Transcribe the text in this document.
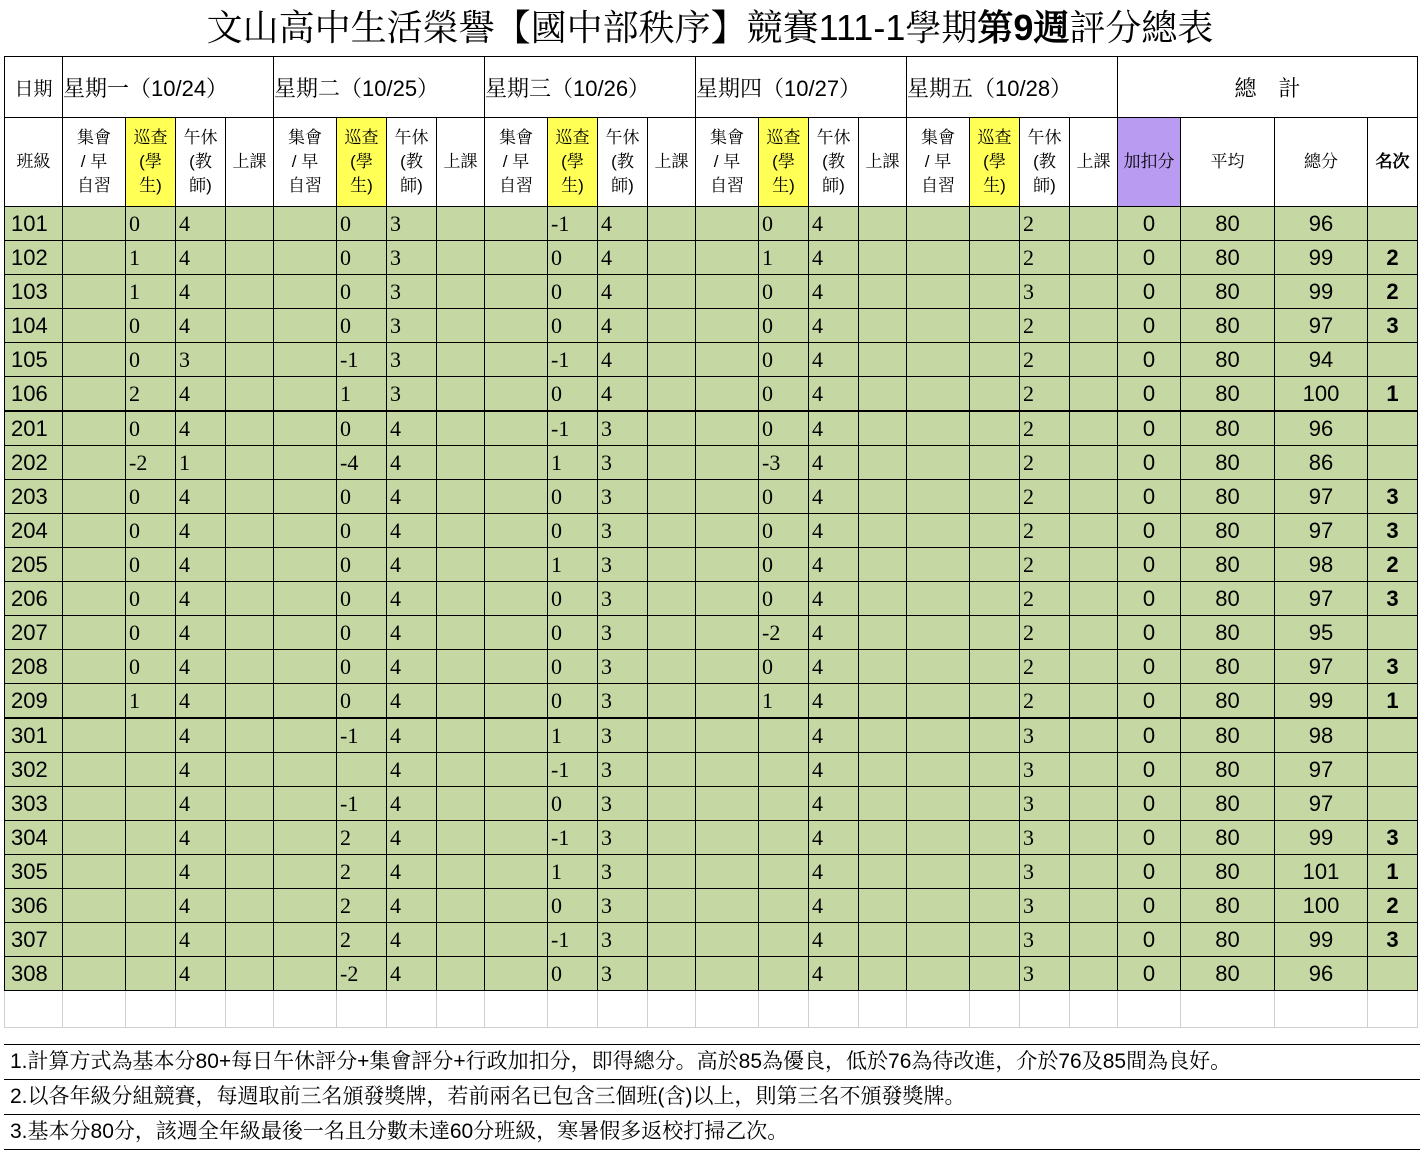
文山高中生活榮譽【國中部秩序】競賽111-1學期第9週評分總表
日期	星期一（10/24）				星期二（10/25）				星期三（10/26）				星期四（10/27）				星期五（10/28）				總　計			
班級	集會
/ 早
自習	巡查
(學
生)	午休
(教
師)	上課	集會
/ 早
自習	巡查
(學
生)	午休
(教
師)	上課	集會
/ 早
自習	巡查
(學
生)	午休
(教
師)	上課	集會
/ 早
自習	巡查
(學
生)	午休
(教
師)	上課	集會
/ 早
自習	巡查
(學
生)	午休
(教
師)	上課	加扣分	平均	總分	名次
101		0	4			0	3			-1	4			0	4				2		0	80	96	
102		1	4			0	3			0	4			1	4				2		0	80	99	2
103		1	4			0	3			0	4			0	4				3		0	80	99	2
104		0	4			0	3			0	4			0	4				2		0	80	97	3
105		0	3			-1	3			-1	4			0	4				2		0	80	94	
106		2	4			1	3			0	4			0	4				2		0	80	100	1
201		0	4			0	4			-1	3			0	4				2		0	80	96	
202		-2	1			-4	4			1	3			-3	4				2		0	80	86	
203		0	4			0	4			0	3			0	4				2		0	80	97	3
204		0	4			0	4			0	3			0	4				2		0	80	97	3
205		0	4			0	4			1	3			0	4				2		0	80	98	2
206		0	4			0	4			0	3			0	4				2		0	80	97	3
207		0	4			0	4			0	3			-2	4				2		0	80	95	
208		0	4			0	4			0	3			0	4				2		0	80	97	3
209		1	4			0	4			0	3			1	4				2		0	80	99	1
301			4			-1	4			1	3				4				3		0	80	98	
302			4				4			-1	3				4				3		0	80	97	
303			4			-1	4			0	3				4				3		0	80	97	
304			4			2	4			-1	3				4				3		0	80	99	3
305			4			2	4			1	3				4				3		0	80	101	1
306			4			2	4			0	3				4				3		0	80	100	2
307			4			2	4			-1	3				4				3		0	80	99	3
308			4			-2	4			0	3				4				3		0	80	96	

1.計算方式為基本分80+每日午休評分+集會評分+行政加扣分，即得總分。高於85為優良，低於76為待改進，介於76及85間為良好。
2.以各年級分組競賽，每週取前三名頒發獎牌，若前兩名已包含三個班(含)以上，則第三名不頒發獎牌。
3.基本分80分，該週全年級最後一名且分數未達60分班級，寒暑假多返校打掃乙次。
